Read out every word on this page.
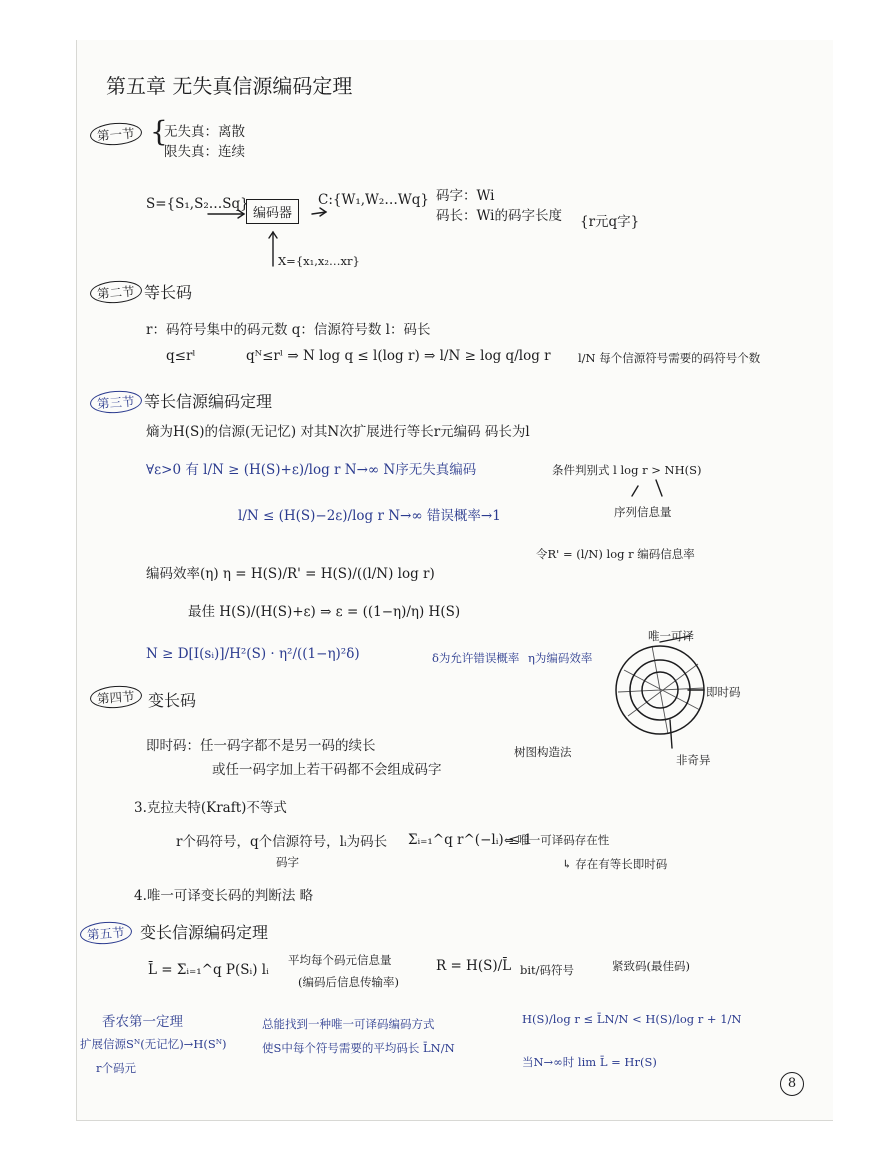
第五章 无失真信源编码定理
第一节 {
无失真：离散
限失真：连续
S={S₁,S₂…Sq}
编码器
C:{W₁,W₂…Wq} 码字：Wi
码长：Wi的码字长度 {r元q字}
X={x₁,x₂…xr}
第二节 等长码
r：码符号集中的码元数 q：信源符号数 l：码长
q≤rˡ	qᴺ≤rˡ ⇒ N log q ≤ l(log r) ⇒ l/N ≥ log q/log r l/N 每个信源符号需要的码符号个数
第三节 等长信源编码定理
熵为H(S)的信源(无记忆) 对其N次扩展进行等长r元编码 码长为l
∀ε>0 有 l/N ≥ (H(S)+ε)/log r N→∞ N序无失真编码
l/N ≤ (H(S)−2ε)/log r N→∞ 错误概率→1
条件判别式 l log r > NH(S)
序列信息量
令R' = (l/N) log r 编码信息率
编码效率(η) η = H(S)/R' = H(S)/((l/N) log r)
最佳 H(S)/(H(S)+ε) ⇒ ε = ((1−η)/η) H(S)
N ≥ D[I(sᵢ)]/H²(S) · η²/((1−η)²δ)	δ为允许错误概率 η为编码效率
第四节 变长码
唯一可译
即时码
非奇异
即时码：任一码字都不是另一码的续长
或任一码字加上若干码都不会组成码字
树图构造法
3.克拉夫特(Kraft)不等式
r个码符号，q个信源符号，lᵢ为码长
码字
Σᵢ₌₁^q r^(−lᵢ) ≤ 1
⇐ 唯一可译码存在性
↳ 存在有等长即时码
4.唯一可译变长码的判断法 略
第五节 变长信源编码定理
L̄ = Σᵢ₌₁^q P(Sᵢ) lᵢ
平均每个码元信息量
(编码后信息传输率)
R = H(S)/L̄ bit/码符号	紧致码(最佳码)
香农第一定理
扩展信源Sᴺ(无记忆)→H(Sᴺ)
r个码元
总能找到一种唯一可译码编码方式
使S中每个符号需要的平均码长 L̄N/N
H(S)/log r ≤ L̄N/N < H(S)/log r + 1/N
当N→∞时 lim L̄ = Hr(S)
8
